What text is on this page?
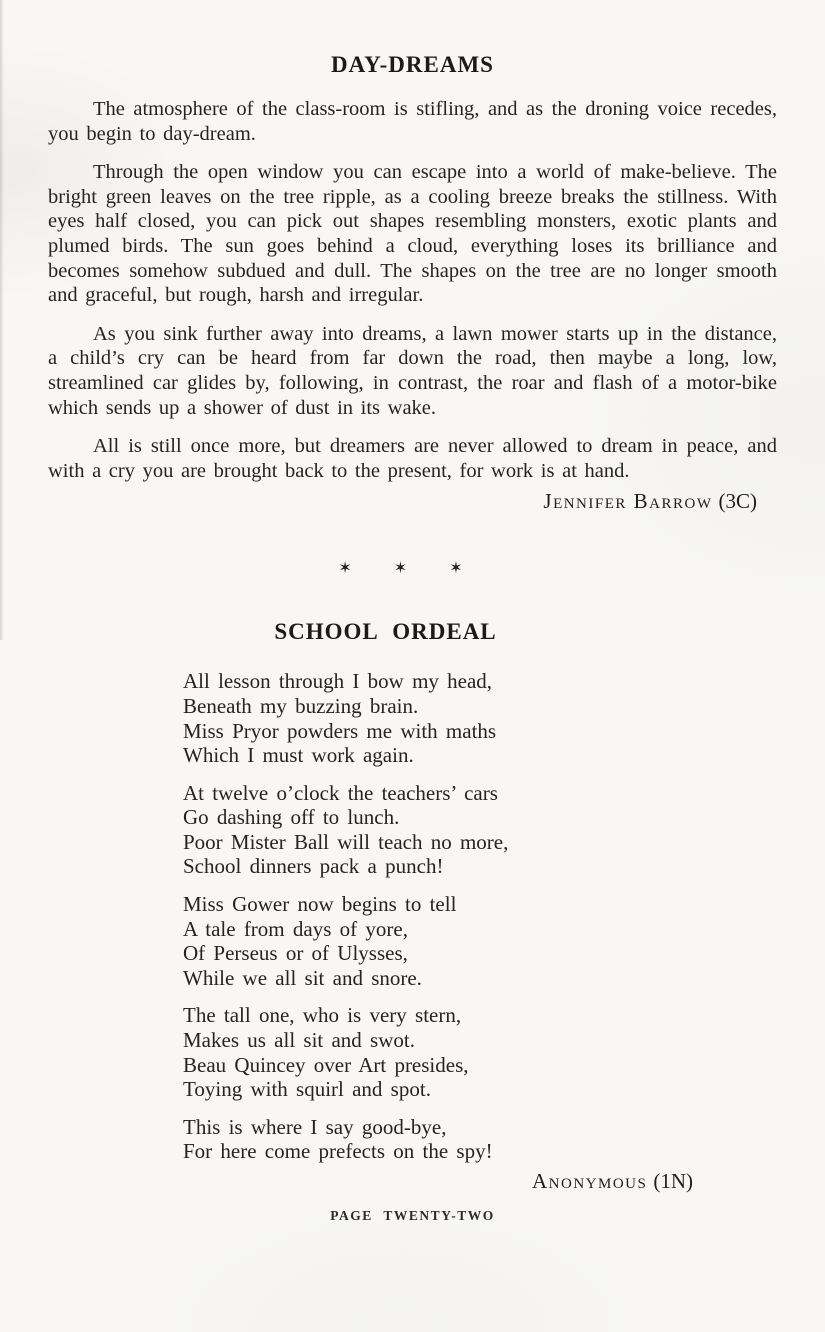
DAY-DREAMS

The atmosphere of the class-room is stifling, and as the droning voice recedes, you begin to day-dream.

Through the open window you can escape into a world of make-believe. The bright green leaves on the tree ripple, as a cooling breeze breaks the stillness. With eyes half closed, you can pick out shapes resembling monsters, exotic plants and plumed birds. The sun goes behind a cloud, everything loses its brilliance and becomes somehow subdued and dull. The shapes on the tree are no longer smooth and graceful, but rough, harsh and irregular.

As you sink further away into dreams, a lawn mower starts up in the distance, a child’s cry can be heard from far down the road, then maybe a long, low, streamlined car glides by, following, in contrast, the roar and flash of a motor-bike which sends up a shower of dust in its wake.

All is still once more, but dreamers are never allowed to dream in peace, and with a cry you are brought back to the present, for work is at hand.

Jennifer Barrow (3C)
✶	✶	✶
SCHOOL ORDEAL
All lesson through I bow my head,
Beneath my buzzing brain.
Miss Pryor powders me with maths
Which I must work again.
At twelve o’clock the teachers’ cars
Go dashing off to lunch.
Poor Mister Ball will teach no more,
School dinners pack a punch!
Miss Gower now begins to tell
A tale from days of yore,
Of Perseus or of Ulysses,
While we all sit and snore.
The tall one, who is very stern,
Makes us all sit and swot.
Beau Quincey over Art presides,
Toying with squirl and spot.
This is where I say good-bye,
For here come prefects on the spy!
Anonymous (1N)
PAGE TWENTY-TWO
